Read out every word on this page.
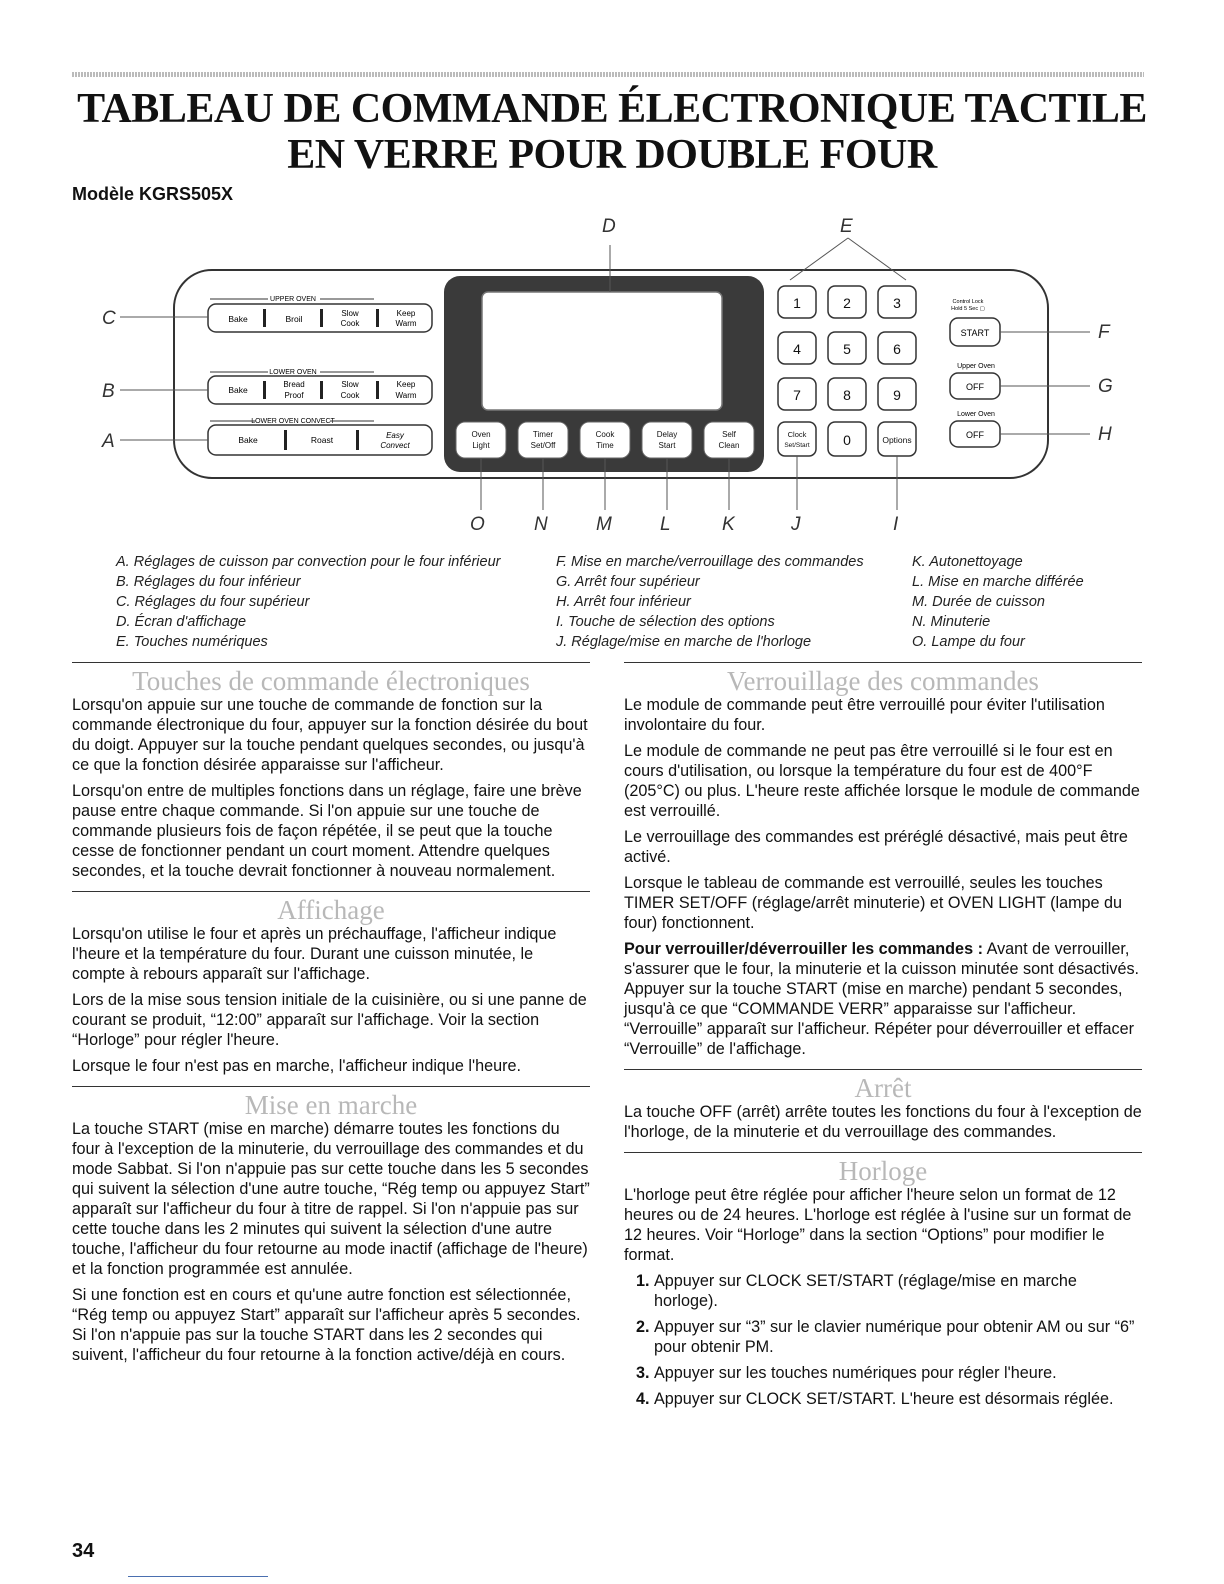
TABLEAU DE COMMANDE ÉLECTRONIQUE TACTILE
EN VERRE POUR DOUBLE FOUR
Modèle KGRS505X
UPPER OVEN
LOWER OVEN
LOWER OVEN CONVECT
Bake	Broil
Slow
Cook
Keep
Warm
Bake
Bread
Proof
Slow
Cook
Keep
Warm
Bake	Roast	Easy
Convect
Oven
Light
Timer
Set/Off
Cook
Time
Delay
Start
Self
Clean
1	2	3
4	5	6
7	8	9
Clock
Set/Start 0	Options
Control Lock
Hold 5 Sec ▢
START
Upper Oven
OFF
Lower Oven
OFF
C
B
A
D	E
F
G
H
O	N	M	L	K	J	I
A. Réglages de cuisson par convection pour le four inférieur
B. Réglages du four inférieur
C. Réglages du four supérieur
D. Écran d'affichage
E. Touches numériques
F. Mise en marche/verrouillage des commandes
G. Arrêt four supérieur
H. Arrêt four inférieur
I. Touche de sélection des options
J. Réglage/mise en marche de l'horloge
K. Autonettoyage
L. Mise en marche différée
M. Durée de cuisson
N. Minuterie
O. Lampe du four
Touches de commande électroniques

Lorsqu'on appuie sur une touche de commande de fonction sur la commande électronique du four, appuyer sur la fonction désirée du bout du doigt. Appuyer sur la touche pendant quelques secondes, ou jusqu'à ce que la fonction désirée apparaisse sur l'afficheur.

Lorsqu'on entre de multiples fonctions dans un réglage, faire une brève pause entre chaque commande. Si l'on appuie sur une touche de commande plusieurs fois de façon répétée, il se peut que la touche cesse de fonctionner pendant un court moment. Attendre quelques secondes, et la touche devrait fonctionner à nouveau normalement.

Affichage

Lorsqu'on utilise le four et après un préchauffage, l'afficheur indique l'heure et la température du four. Durant une cuisson minutée, le compte à rebours apparaît sur l'affichage.

Lors de la mise sous tension initiale de la cuisinière, ou si une panne de courant se produit, “12:00” apparaît sur l'affichage. Voir la section “Horloge” pour régler l'heure.

Lorsque le four n'est pas en marche, l'afficheur indique l'heure.

Mise en marche

La touche START (mise en marche) démarre toutes les fonctions du four à l'exception de la minuterie, du verrouillage des commandes et du mode Sabbat. Si l'on n'appuie pas sur cette touche dans les 5 secondes qui suivent la sélection d'une autre touche, “Rég temp ou appuyez Start” apparaît sur l'afficheur du four à titre de rappel. Si l'on n'appuie pas sur cette touche dans les 2 minutes qui suivent la sélection d'une autre touche, l'afficheur du four retourne au mode inactif (affichage de l'heure) et la fonction programmée est annulée.

Si une fonction est en cours et qu'une autre fonction est sélectionnée, “Rég temp ou appuyez Start” apparaît sur l'afficheur après 5 secondes. Si l'on n'appuie pas sur la touche START dans les 2 secondes qui suivent, l'afficheur du four retourne à la fonction active/déjà en cours.

Verrouillage des commandes

Le module de commande peut être verrouillé pour éviter l'utilisation involontaire du four.

Le module de commande ne peut pas être verrouillé si le four est en cours d'utilisation, ou lorsque la température du four est de 400°F (205°C) ou plus. L'heure reste affichée lorsque le module de commande est verrouillé.

Le verrouillage des commandes est préréglé désactivé, mais peut être activé.

Lorsque le tableau de commande est verrouillé, seules les touches TIMER SET/OFF (réglage/arrêt minuterie) et OVEN LIGHT (lampe du four) fonctionnent.

Pour verrouiller/déverrouiller les commandes : Avant de verrouiller, s'assurer que le four, la minuterie et la cuisson minutée sont désactivés. Appuyer sur la touche START (mise en marche) pendant 5 secondes, jusqu'à ce que “COMMANDE VERR” apparaisse sur l'afficheur. “Verrouille” apparaît sur l'afficheur. Répéter pour déverrouiller et effacer “Verrouille” de l'affichage.

Arrêt

La touche OFF (arrêt) arrête toutes les fonctions du four à l'exception de l'horloge, de la minuterie et du verrouillage des commandes.

Horloge

L'horloge peut être réglée pour afficher l'heure selon un format de 12 heures ou de 24 heures. L'horloge est réglée à l'usine sur un format de 12 heures. Voir “Horloge” dans la section “Options” pour modifier le format.

1. Appuyer sur CLOCK SET/START (réglage/mise en marche horloge).
2. Appuyer sur “3” sur le clavier numérique pour obtenir AM ou sur “6” pour obtenir PM.
3. Appuyer sur les touches numériques pour régler l'heure.
4. Appuyer sur CLOCK SET/START. L'heure est désormais réglée.
34
